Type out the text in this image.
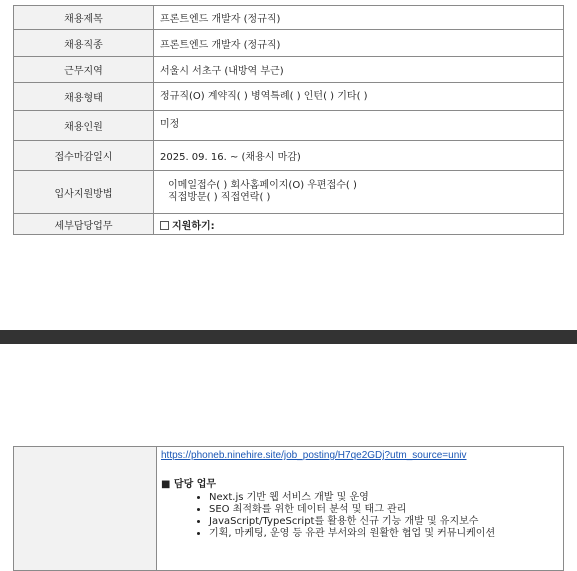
채용제목	프론트엔드 개발자 (정규직)
채용직종	프론트엔드 개발자 (정규직)
근무지역	서울시 서초구 (내방역 부근)
채용형태	정규직(O) 계약직( ) 병역특례( ) 인턴( ) 기타( )
채용인원	미정
접수마감일시	2025. 09. 16. ~ (채용시 마감)
입사지원방법	이메일접수( ) 회사홈페이지(O) 우편접수( )
직접방문( ) 직접연락( )

세부담당업무	지원하기:
	https://phoneb.ninehire.site/job_posting/H7qe2GDj?utm_source=univ
■ 담당 업무
• Next.js 기반 웹 서비스 개발 및 운영
• SEO 최적화를 위한 데이터 분석 및 태그 관리
• JavaScript/TypeScript를 활용한 신규 기능 개발 및 유지보수
• 기획, 마케팅, 운영 등 유관 부서와의 원활한 협업 및 커뮤니케이션
